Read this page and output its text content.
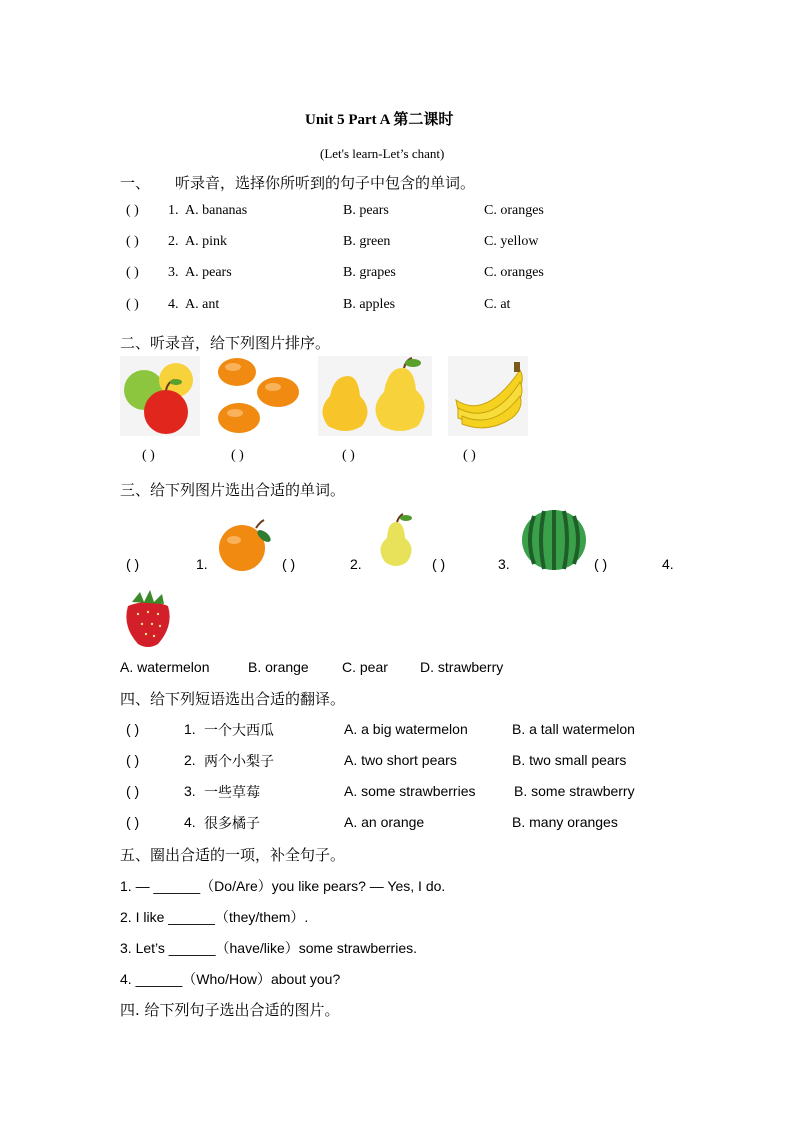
Unit 5 Part A 第二课时
(Let's learn-Let’s chant)
一、 听录音，选择你所听到的句子中包含的单词。
( ) 1. A. bananas	B. pears	C. oranges
( ) 2. A. pink	B. green	C. yellow
( ) 3. A. pears	B. grapes	C. oranges
( ) 4. A. ant	B. apples	C. at
二、听录音，给下列图片排序。
( )	( )	( )	( )
三、给下列图片选出合适的单词。
( )	1.	( )	2.	( )	3.	( )	4.
A. watermelon	B. orange C. pear D. strawberry
四、给下列短语选出合适的翻译。
( )	1. 一个大西瓜	A. a big watermelon	B. a tall watermelon
( )	2. 两个小梨子	A. two short pears	B. two small pears
( )	3. 一些草莓	A. some strawberries	B. some strawberry
( )	4. 很多橘子	A. an orange	B. many oranges
五、圈出合适的一项，补全句子。
1. — ______（Do/Are）you like pears? — Yes, I do.
2. I like ______（they/them）.
3. Let’s ______（have/like）some strawberries.
4. ______（Who/How）about you?
四. 给下列句子选出合适的图片。
